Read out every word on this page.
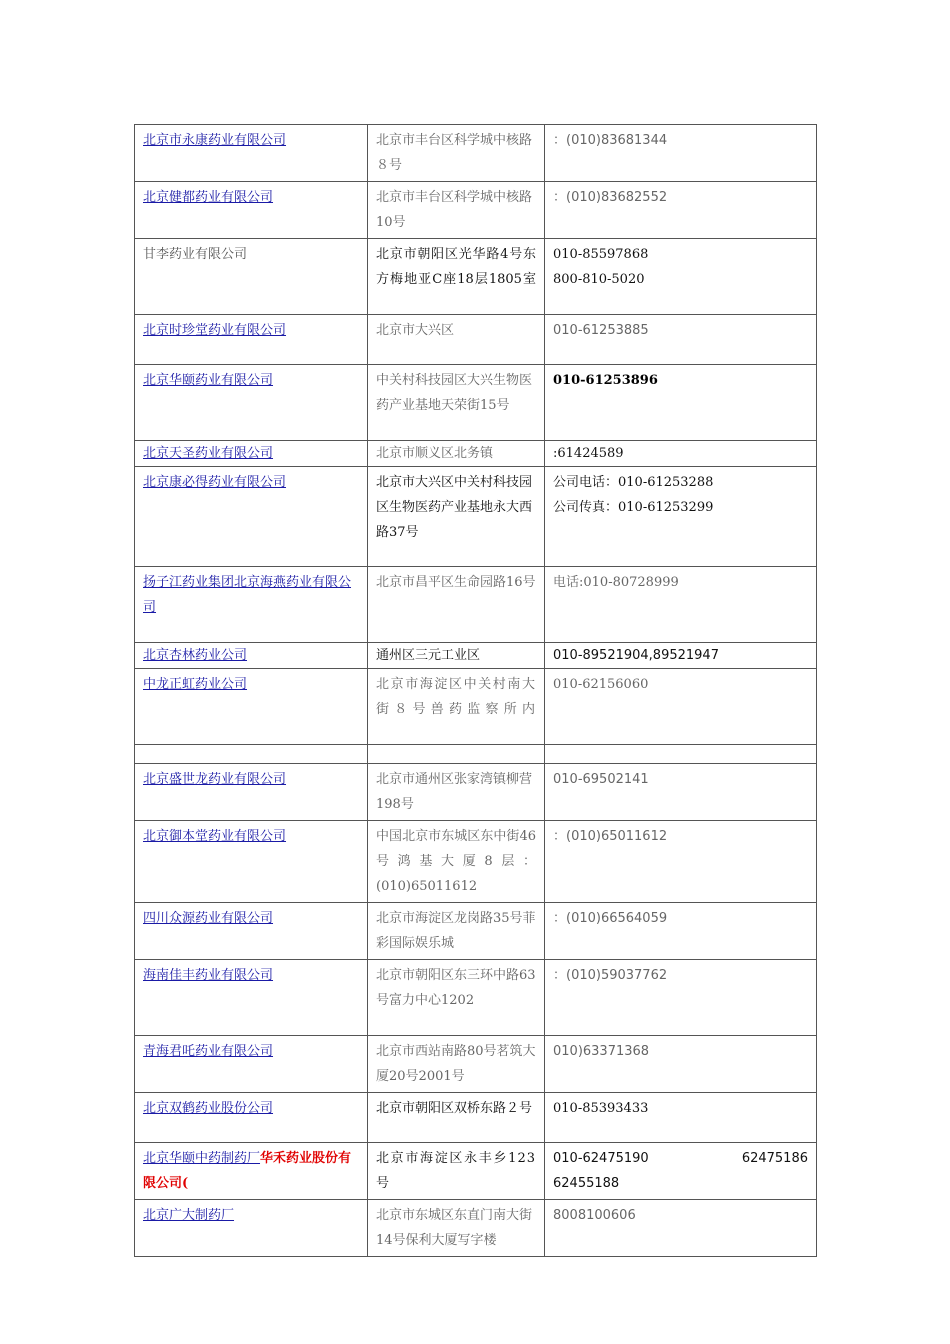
北京市永康药业有限公司	北京市丰台区科学城中核路８号	：(010)83681344
北京健都药业有限公司	北京市丰台区科学城中核路10号	：(010)83682552
甘李药业有限公司	北京市朝阳区光华路4号东方梅地亚C座18层1805室	010-85597868
800-810-5020

北京时珍堂药业有限公司	北京市大兴区	010-61253885
北京华颐药业有限公司	中关村科技园区大兴生物医药产业基地天荣街15号	010-61253896
北京天圣药业有限公司	北京市顺义区北务镇	:61424589
北京康必得药业有限公司	北京市大兴区中关村科技园区生物医药产业基地永大西路37号	公司电话：010-61253288
公司传真：010-61253299

扬子江药业集团北京海燕药业有限公司	北京市昌平区生命园路16号	电话:010-80728999
北京杏林药业公司	通州区三元工业区	010-89521904,89521947

中龙正虹药业公司	北京市海淀区中关村南大街８号兽药监察所内	010-62156060

北京盛世龙药业有限公司	北京市通州区张家湾镇柳营198号	010-69502141
北京御本堂药业有限公司	中国北京市东城区东中街46号鸿基大厦8层：(010)65011612	：(010)65011612
四川众源药业有限公司	北京市海淀区龙岗路35号菲彩国际娱乐城	：(010)66564059

海南佳丰药业有限公司	北京市朝阳区东三环中路63号富力中心1202	：(010)59037762
青海君吒药业有限公司	北京市西站南路80号茗筑大厦20号2001号	010)63371368
北京双鹤药业股份公司	北京市朝阳区双桥东路２号	010-85393433
北京华颐中药制药厂华禾药业股份有限公司(	北京市海淀区永丰乡123号	010-62475190　　　62475186
62455188

北京广大制药厂	北京市东城区东直门南大街14号保利大厦写字楼	8008100606
